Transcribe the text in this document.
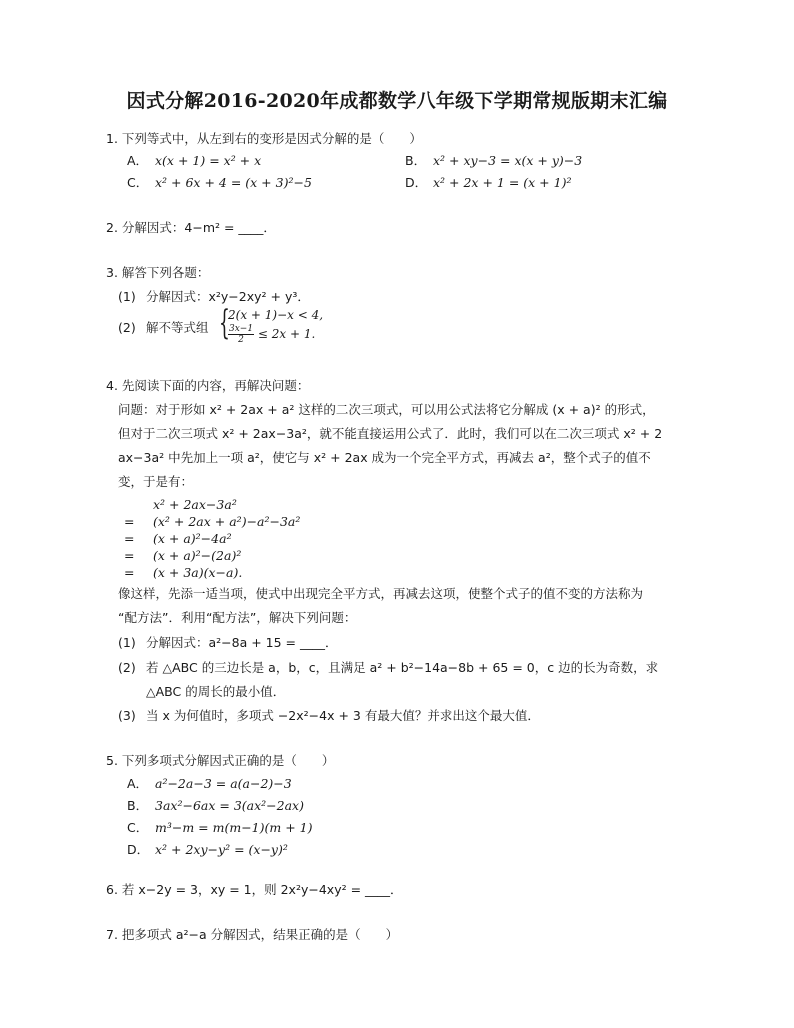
因式分解2016-2020年成都数学八年级下学期常规版期末汇编
1. 下列等式中，从左到右的变形是因式分解的是（　　）
A． x(x + 1) = x² + x	B． x² + xy−3 = x(x + y)−3
C． x² + 6x + 4 = (x + 3)²−5	D． x² + 2x + 1 = (x + 1)²
2. 分解因式：4−m² = ____．
3. 解答下列各题：
(1) 分解因式：x²y−2xy² + y³．
(2) 解不等式组 {
2(x + 1)−x < 4,
$\frac{3x-1}{2} \le 2x + 1$.
4. 先阅读下面的内容，再解决问题：
问题：对于形如 x² + 2ax + a² 这样的二次三项式，可以用公式法将它分解成 (x + a)² 的形式，
但对于二次三项式 x² + 2ax−3a²，就不能直接运用公式了．此时，我们可以在二次三项式 x² + 2
ax−3a² 中先加上一项 a²，使它与 x² + 2ax 成为一个完全平方式，再减去 a²，整个式子的值不
变，于是有：
x² + 2ax−3a²
= (x² + 2ax + a²)−a²−3a²
= (x + a)²−4a²
= (x + a)²−(2a)²
= (x + 3a)(x−a).
像这样，先添一适当项，使式中出现完全平方式，再减去这项，使整个式子的值不变的方法称为
“配方法”．利用“配方法”，解决下列问题：
(1) 分解因式：a²−8a + 15 = ____．
(2) 若 △ABC 的三边长是 a，b，c，且满足 a² + b²−14a−8b + 65 = 0，c 边的长为奇数，求
△ABC 的周长的最小值．
(3) 当 x 为何值时，多项式 −2x²−4x + 3 有最大值？并求出这个最大值．
5. 下列多项式分解因式正确的是（　　）
A． a²−2a−3 = a(a−2)−3
B． 3ax²−6ax = 3(ax²−2ax)
C． m³−m = m(m−1)(m + 1)
D． x² + 2xy−y² = (x−y)²
6. 若 x−2y = 3，xy = 1，则 2x²y−4xy² = ____．
7. 把多项式 a²−a 分解因式，结果正确的是（　　）
